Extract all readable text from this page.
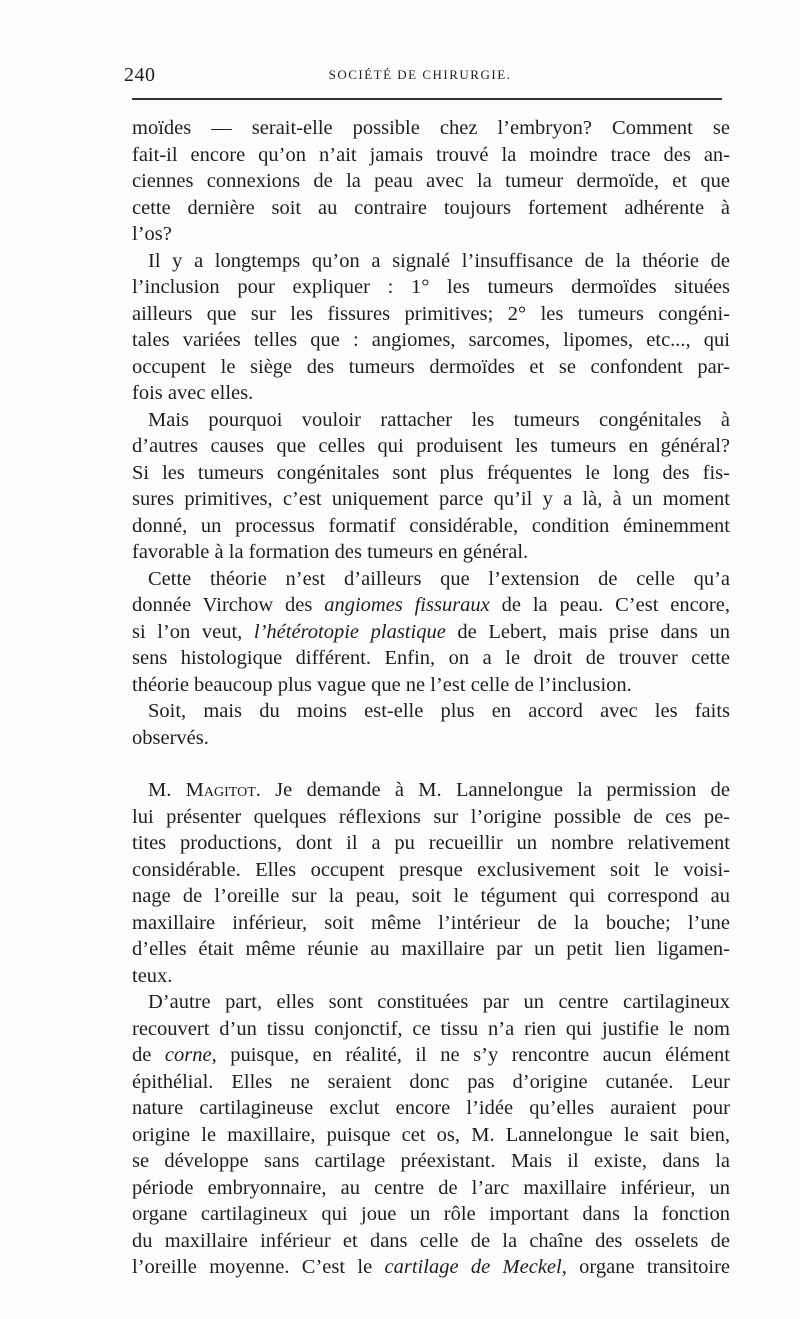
240	SOCIÉTÉ DE CHIRURGIE.
moïdes — serait-elle possible chez l’embryon? Comment se
fait-il encore qu’on n’ait jamais trouvé la moindre trace des an-
ciennes connexions de la peau avec la tumeur dermoïde, et que
cette dernière soit au contraire toujours fortement adhérente à
l’os?
Il y a longtemps qu’on a signalé l’insuffisance de la théorie de
l’inclusion pour expliquer : 1° les tumeurs dermoïdes situées
ailleurs que sur les fissures primitives; 2° les tumeurs congéni-
tales variées telles que : angiomes, sarcomes, lipomes, etc..., qui
occupent le siège des tumeurs dermoïdes et se confondent par-
fois avec elles.
Mais pourquoi vouloir rattacher les tumeurs congénitales à
d’autres causes que celles qui produisent les tumeurs en général?
Si les tumeurs congénitales sont plus fréquentes le long des fis-
sures primitives, c’est uniquement parce qu’il y a là, à un moment
donné, un processus formatif considérable, condition éminemment
favorable à la formation des tumeurs en général.
Cette théorie n’est d’ailleurs que l’extension de celle qu’a
donnée Virchow des angiomes fissuraux de la peau. C’est encore,
si l’on veut, l’hétérotopie plastique de Lebert, mais prise dans un
sens histologique différent. Enfin, on a le droit de trouver cette
théorie beaucoup plus vague que ne l’est celle de l’inclusion.
Soit, mais du moins est-elle plus en accord avec les faits
observés.
M. Magitot. Je demande à M. Lannelongue la permission de
lui présenter quelques réflexions sur l’origine possible de ces pe-
tites productions, dont il a pu recueillir un nombre relativement
considérable. Elles occupent presque exclusivement soit le voisi-
nage de l’oreille sur la peau, soit le tégument qui correspond au
maxillaire inférieur, soit même l’intérieur de la bouche; l’une
d’elles était même réunie au maxillaire par un petit lien ligamen-
teux.
D’autre part, elles sont constituées par un centre cartilagineux
recouvert d’un tissu conjonctif, ce tissu n’a rien qui justifie le nom
de corne, puisque, en réalité, il ne s’y rencontre aucun élément
épithélial. Elles ne seraient donc pas d’origine cutanée. Leur
nature cartilagineuse exclut encore l’idée qu’elles auraient pour
origine le maxillaire, puisque cet os, M. Lannelongue le sait bien,
se développe sans cartilage préexistant. Mais il existe, dans la
période embryonnaire, au centre de l’arc maxillaire inférieur, un
organe cartilagineux qui joue un rôle important dans la fonction
du maxillaire inférieur et dans celle de la chaîne des osselets de
l’oreille moyenne. C’est le cartilage de Meckel, organe transitoire
